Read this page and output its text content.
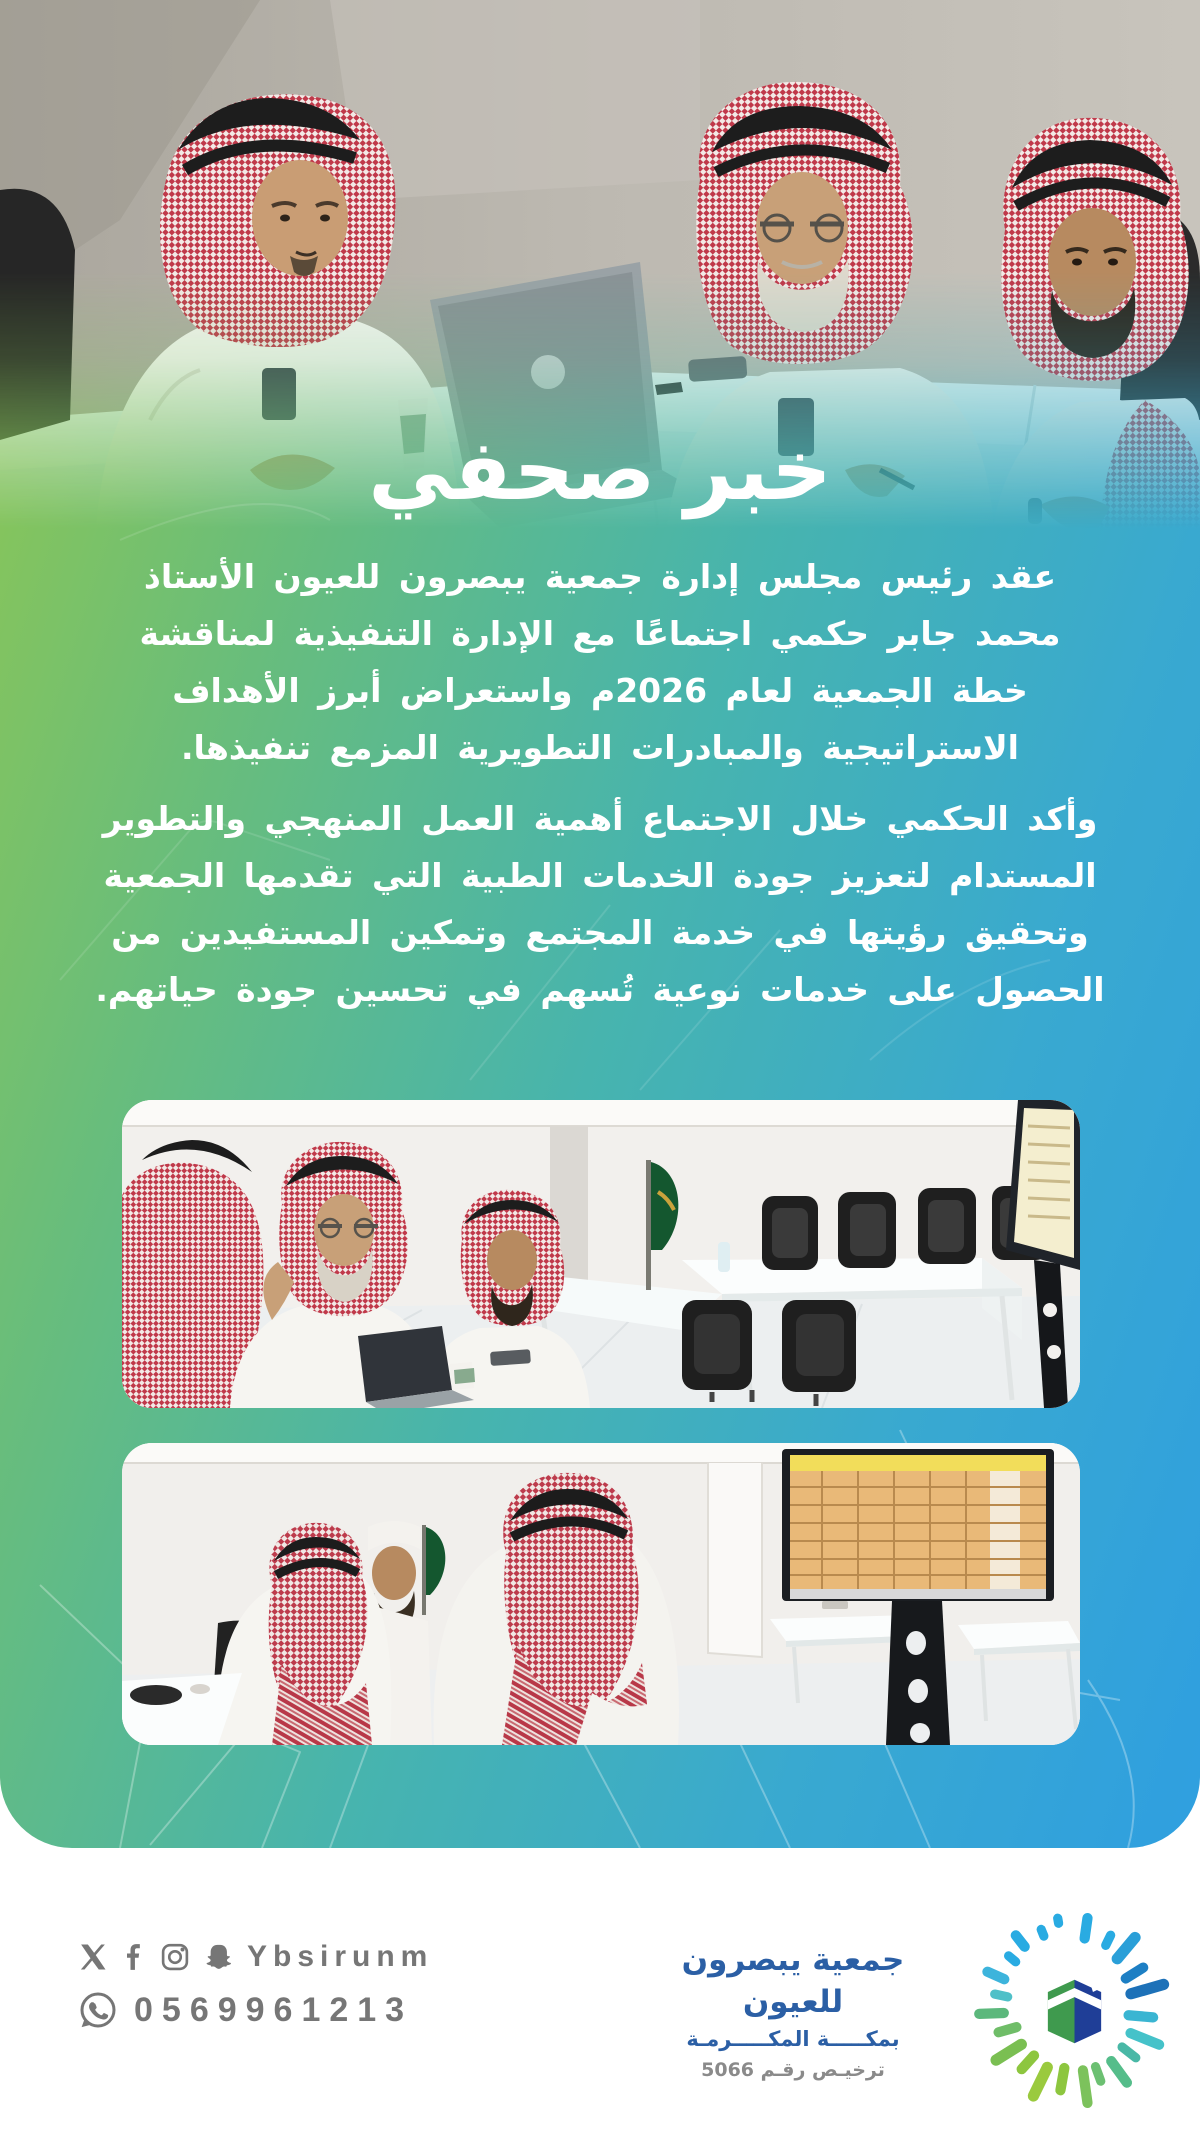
خبر صحفي

عقد رئيس مجلس إدارة جمعية يبصرون للعيون الأستاذ محمد جابر حكمي اجتماعًا مع الإدارة التنفيذية لمناقشة خطة الجمعية لعام 2026م واستعراض أبرز الأهداف الاستراتيجية والمبادرات التطويرية المزمع تنفيذها.

وأكد الحكمي خلال الاجتماع أهمية العمل المنهجي والتطوير المستدام لتعزيز جودة الخدمات الطبية التي تقدمها الجمعية وتحقيق رؤيتها في خدمة المجتمع وتمكين المستفيدين من الحصول على خدمات نوعية تُسهم في تحسين جودة حياتهم.

Ybsirunm
0569961213
جمعية يبصرون للعيون
بمكـــــة المكـــــرمـة
ترخيـص رقـم 5066
